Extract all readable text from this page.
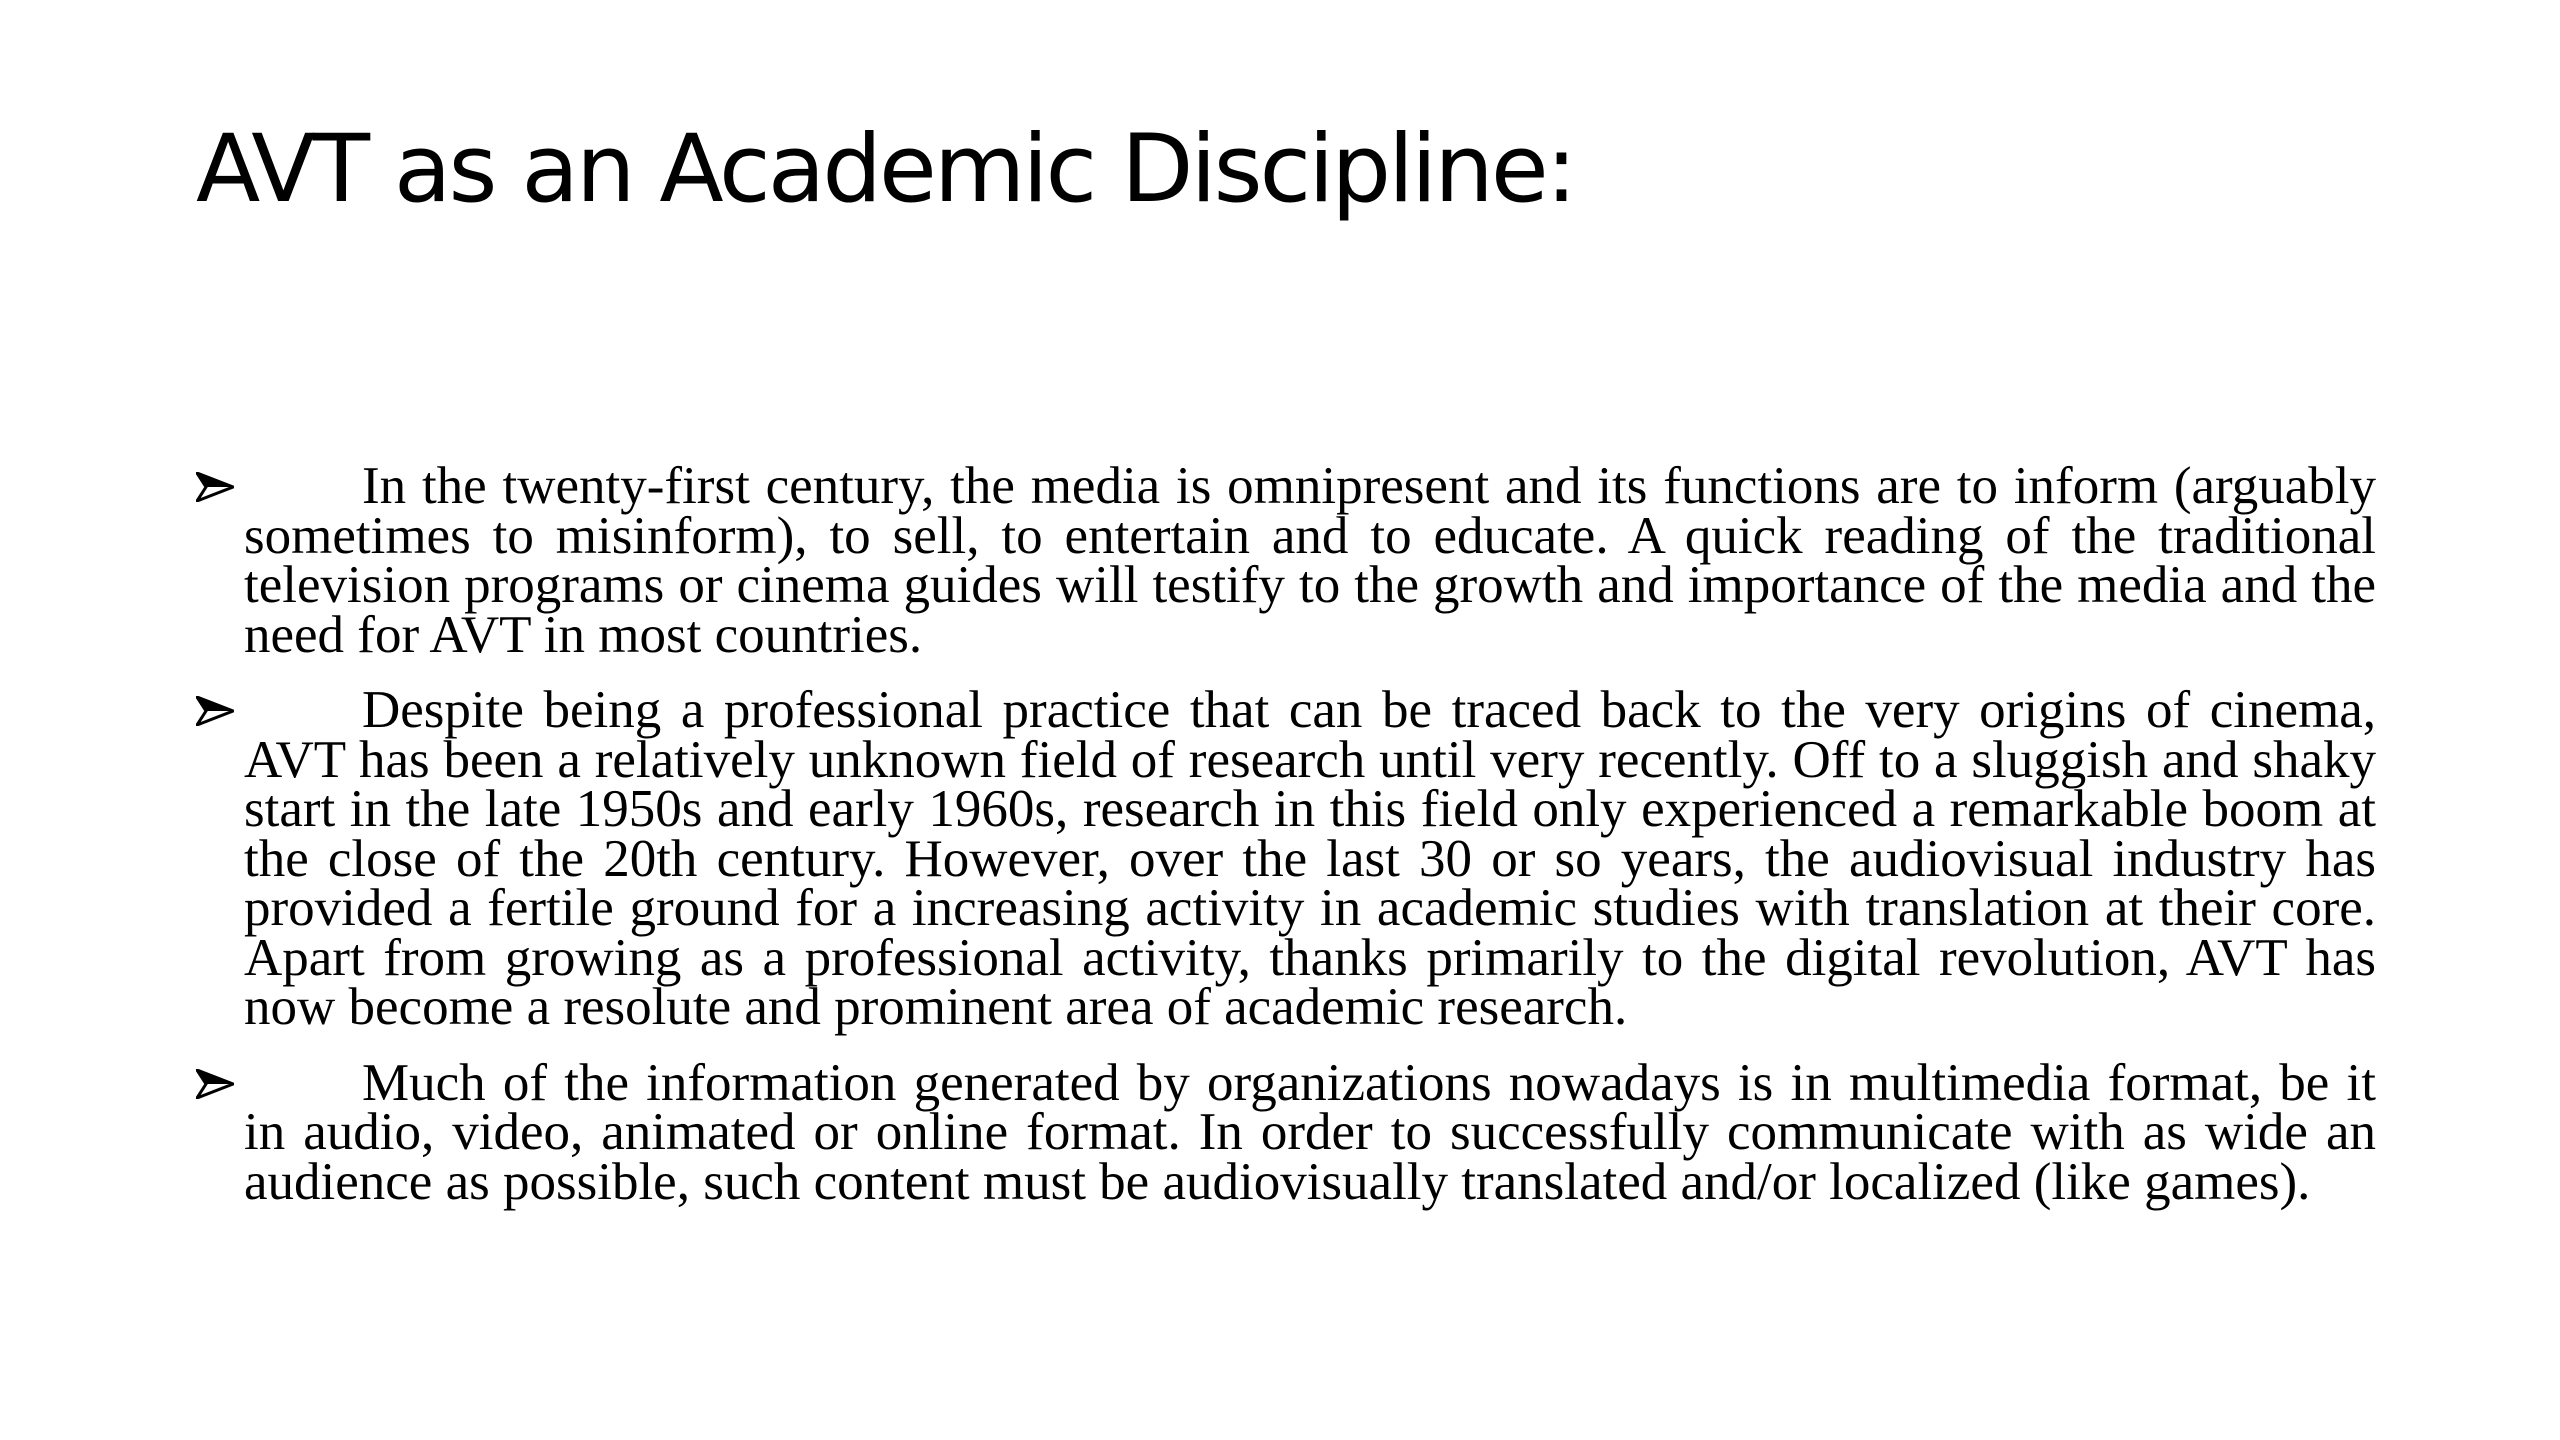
AVT as an Academic Discipline:
In the twenty-first century, the media is omnipresent and its functions are to inform (arguably sometimes to misinform), to sell, to entertain and to educate. A quick reading of the traditional television programs or cinema guides will testify to the growth and importance of the media and the need for AVT in most countries.
Despite being a professional practice that can be traced back to the very origins of cinema, AVT has been a relatively unknown field of research until very recently. Off to a sluggish and shaky start in the late 1950s and early 1960s, research in this field only experienced a remarkable boom at the close of the 20th century. However, over the last 30 or so years, the audiovisual industry has provided a fertile ground for a increasing activity in academic studies with translation at their core. Apart from growing as a professional activity, thanks primarily to the digital revolution, AVT has now become a resolute and prominent area of academic research.
Much of the information generated by organizations nowadays is in multimedia format, be it in audio, video, animated or online format. In order to successfully communicate with as wide an audience as possible, such content must be audiovisually translated and/or localized (like games).
